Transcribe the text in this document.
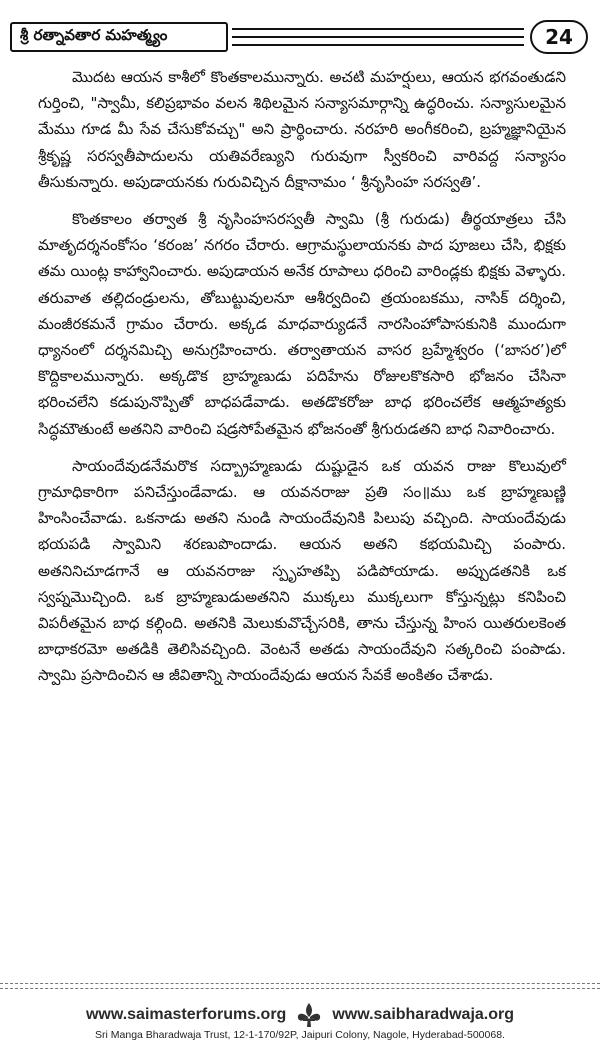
శ్రీ రత్నావతార మహత్మ్యం	24

మొదట ఆయన కాశీలో కొంతకాలమున్నారు. అచటి మహర్షులు, ఆయన భగవంతుడని గుర్తించి, "స్వామీ, కలిప్రభావం వలన శిథిలమైన సన్యాసమార్గాన్ని ఉద్ధరించు. సన్యాసులమైన మేము గూడ మీ సేవ చేసుకోవచ్చు" అని ప్రార్థించారు. నరహరి అంగీకరించి, బ్రహ్మజ్ఞానియైన శ్రీకృష్ణ సరస్వతీపాదులను యతివరేణ్యుని గురువుగా స్వీకరించి వారివద్ద సన్యాసం తీసుకున్నారు. అపుడాయనకు గురువిచ్చిన దీక్షానామం ‘ శ్రీనృసింహ సరస్వతి’.

కొంతకాలం తర్వాత శ్రీ నృసింహసరస్వతీ స్వామి (శ్రీ గురుడు) తీర్థయాత్రలు చేసి మాతృదర్శనంకోసం ‘కరంజ’ నగరం చేరారు. ఆగ్రామస్థులాయనకు పాద పూజలు చేసి, భిక్షకు తమ యింట్ల కాహ్వానించారు. అపుడాయన అనేక రూపాలు ధరించి వారిండ్లకు భిక్షకు వెళ్ళారు. తరువాత తల్లిదండ్రులను, తోబుట్టువులనూ ఆశీర్వదించి త్రయంబకము, నాసిక్ దర్శించి, మంజీరకమనే గ్రామం చేరారు. అక్కడ మాధవార్యుడనే నారసింహోపాసకునికి ముందుగా ధ్యానంలో దర్శనమిచ్చి అనుగ్రహించారు. తర్వాతాయన వాసర బ్రహ్మేశ్వరం (‘బాసర’)లో కొద్దికాలమున్నారు. అక్కడొక బ్రాహ్మణుడు పదిహేను రోజులకొకసారి భోజనం చేసినా భరించలేని కడుపునొప్పితో బాధపడేవాడు. అతడొకరోజు బాధ భరించలేక ఆత్మహత్యకు సిద్ధమౌతుంటే అతనిని వారించి షడ్రసోపేతమైన భోజనంతో శ్రీగురుడతని బాధ నివారించారు.

సాయందేవుడనేమరొక సద్బ్రాహ్మణుడు దుష్టుడైన ఒక యవన రాజు కొలువులో గ్రామాధికారిగా పనిచేస్తుండేవాడు. ఆ యవనరాజు ప్రతి సం॥ము ఒక బ్రాహ్మణుణ్ణి హింసించేవాడు. ఒకనాడు అతని నుండి సాయందేవునికి పిలుపు వచ్చింది. సాయందేవుడు భయపడి స్వామిని శరణుపొందాడు. ఆయన అతని కభయమిచ్చి పంపారు. అతనినిచూడగానే ఆ యవనరాజు స్పృహతప్పి పడిపోయాడు. అప్పుడతనికి ఒక స్వప్నమొచ్చింది. ఒక బ్రాహ్మణుడుఅతనిని ముక్కలు ముక్కలుగా కోస్తున్నట్లు కనిపించి విపరీతమైన బాధ కల్గింది. అతనికి మెలుకువొచ్చేసరికి, తాను చేస్తున్న హింస యితరులకెంత బాధాకరమో అతడికి తెలిసివచ్చింది. వెంటనే అతడు సాయందేవుని సత్కరించి పంపాడు. స్వామి ప్రసాదించిన ఆ జీవితాన్ని సాయందేవుడు ఆయన సేవకే అంకితం చేశాడు.

www.saimasterforums.org	www.saibharadwaja.org
Sri Manga Bharadwaja Trust, 12-1-170/92P, Jaipuri Colony, Nagole, Hyderabad-500068.
